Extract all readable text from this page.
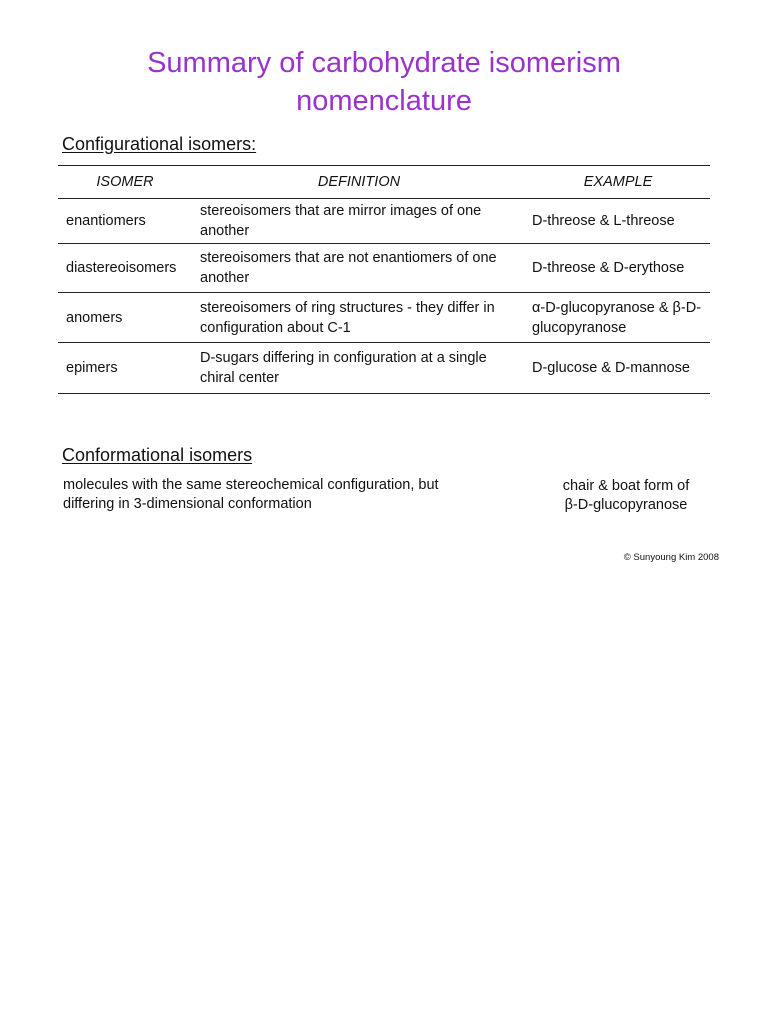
Summary of carbohydrate isomerism
nomenclature
Configurational isomers:
ISOMER	DEFINITION	EXAMPLE
enantiomers	stereoisomers that are mirror images of one another	D-threose & L-threose
diastereoisomers	stereoisomers that are not enantiomers of one another	D-threose & D-erythose
anomers	stereoisomers of ring structures - they differ in configuration about C-1	α-D-glucopyranose & β-D-glucopyranose
epimers	D-sugars differing in configuration at a single chiral center	D-glucose & D-mannose
Conformational isomers

molecules with the same stereochemical configuration, but differing in 3-dimensional conformation

chair & boat form of
β-D-glucopyranose

© Sunyoung Kim 2008
